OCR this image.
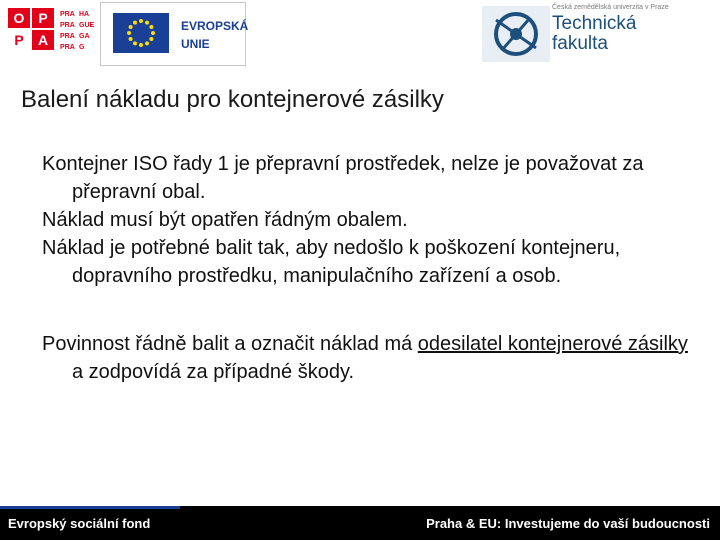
O P
P	A
PRA
PRA
PRA
PRA
HA
GUE
GA
G
EVROPSKÁ
UNIE
Česká zemědělská univerzita v Praze
Technická
fakulta
Balení nákladu pro kontejnerové zásilky

Kontejner ISO řady 1 je přepravní prostředek, nelze je považovat za přepravní obal.

Náklad musí být opatřen řádným obalem.

Náklad je potřebné balit tak, aby nedošlo k poškození kontejneru, dopravního prostředku, manipulačního zařízení a osob.

Povinnost řádně balit a označit náklad má odesilatel kontejnerové zásilky a zodpovídá za případné škody.

Evropský sociální fond	Praha & EU: Investujeme do vaší budoucnosti
